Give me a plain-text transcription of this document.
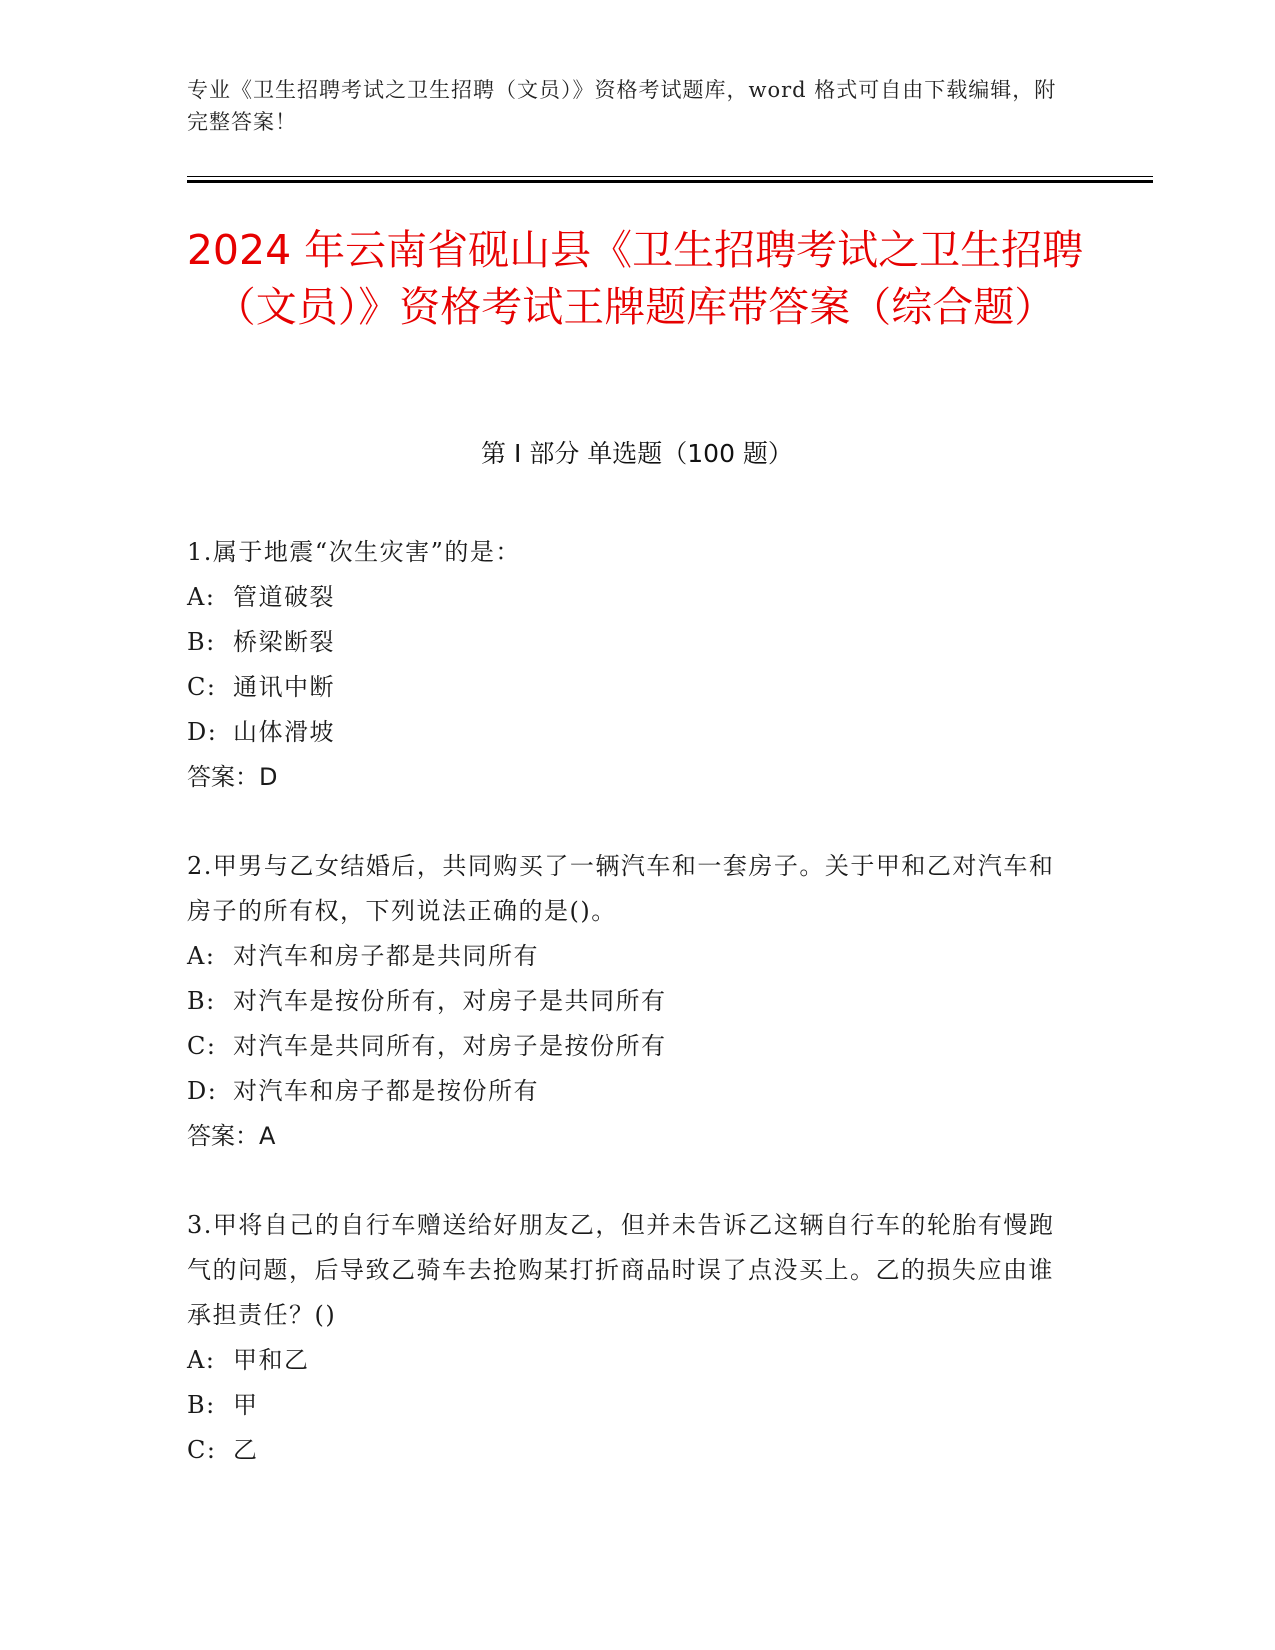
专业《卫生招聘考试之卫生招聘（文员）》资格考试题库，word 格式可自由下载编辑，附完整答案！
2024 年云南省砚山县《卫生招聘考试之卫生招聘（文员）》资格考试王牌题库带答案（综合题）
第 I 部分 单选题（100 题）

1.属于地震“次生灾害”的是：

A: 管道破裂

B: 桥梁断裂

C: 通讯中断

D: 山体滑坡

答案：D

2.甲男与乙女结婚后，共同购买了一辆汽车和一套房子。关于甲和乙对汽车和房子的所有权，下列说法正确的是()。

A: 对汽车和房子都是共同所有

B: 对汽车是按份所有，对房子是共同所有

C: 对汽车是共同所有，对房子是按份所有

D: 对汽车和房子都是按份所有

答案：A

3.甲将自己的自行车赠送给好朋友乙，但并未告诉乙这辆自行车的轮胎有慢跑气的问题，后导致乙骑车去抢购某打折商品时误了点没买上。乙的损失应由谁承担责任？()

A: 甲和乙

B: 甲

C: 乙
